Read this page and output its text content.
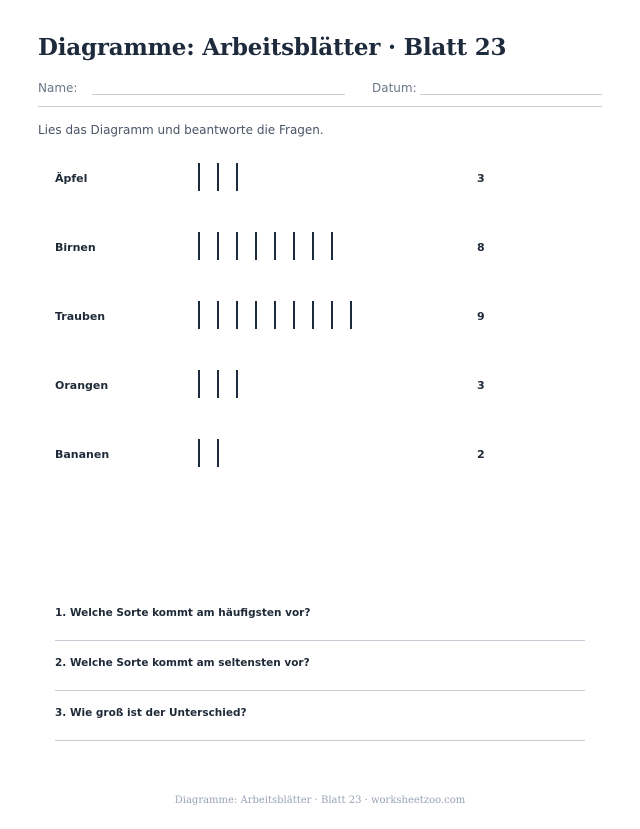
Diagramme: Arbeitsblätter · Blatt 23
Name:	Datum:
Lies das Diagramm und beantworte die Fragen.
Äpfel	3
Birnen	8
Trauben	9
Orangen	3
Bananen	2
1. Welche Sorte kommt am häufigsten vor?
2. Welche Sorte kommt am seltensten vor?
3. Wie groß ist der Unterschied?
Diagramme: Arbeitsblätter · Blatt 23 · worksheetzoo.com
